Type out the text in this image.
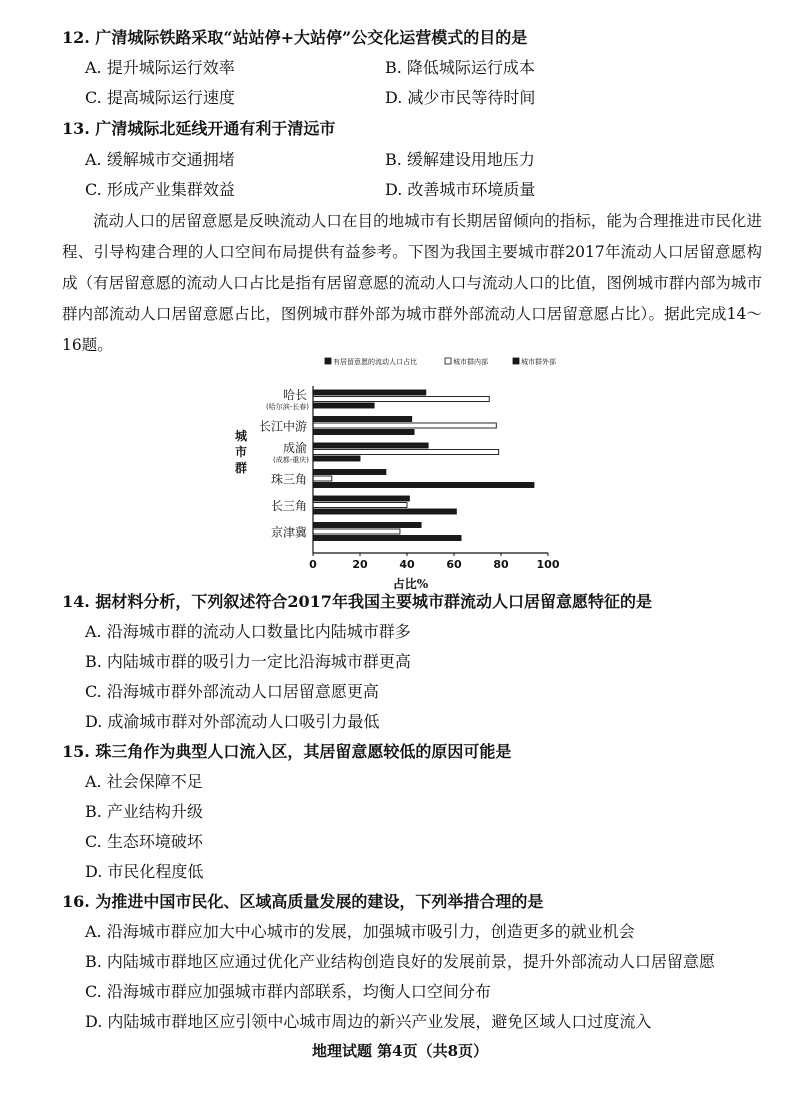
12. 广清城际铁路采取“站站停+大站停”公交化运营模式的目的是
A. 提升城际运行效率	B. 降低城际运行成本
C. 提高城际运行速度	D. 减少市民等待时间
13. 广清城际北延线开通有利于清远市
A. 缓解城市交通拥堵	B. 缓解建设用地压力
C. 形成产业集群效益	D. 改善城市环境质量
流动人口的居留意愿是反映流动人口在目的地城市有长期居留倾向的指标，能为合理推进市民化进程、引导构建合理的人口空间布局提供有益参考。下图为我国主要城市群2017年流动人口居留意愿构成（有居留意愿的流动人口占比是指有居留意愿的流动人口与流动人口的比值，图例城市群内部为城市群内部流动人口居留意愿占比，图例城市群外部为城市群外部流动人口居留意愿占比）。据此完成14～16题。
有居留意愿的流动人口占比	城市群内部	城市群外部
哈长
(哈尔滨-长春)
长江中游
成渝
(成都-重庆)
珠三角
长三角
京津冀
0	20	40	60	80	100
占比%
城
市
群
14. 据材料分析，下列叙述符合2017年我国主要城市群流动人口居留意愿特征的是
A. 沿海城市群的流动人口数量比内陆城市群多
B. 内陆城市群的吸引力一定比沿海城市群更高
C. 沿海城市群外部流动人口居留意愿更高
D. 成渝城市群对外部流动人口吸引力最低
15. 珠三角作为典型人口流入区，其居留意愿较低的原因可能是
A. 社会保障不足
B. 产业结构升级
C. 生态环境破坏
D. 市民化程度低
16. 为推进中国市民化、区域高质量发展的建设，下列举措合理的是
A. 沿海城市群应加大中心城市的发展，加强城市吸引力，创造更多的就业机会
B. 内陆城市群地区应通过优化产业结构创造良好的发展前景，提升外部流动人口居留意愿
C. 沿海城市群应加强城市群内部联系，均衡人口空间分布
D. 内陆城市群地区应引领中心城市周边的新兴产业发展，避免区域人口过度流入
地理试题 第4页（共8页）
